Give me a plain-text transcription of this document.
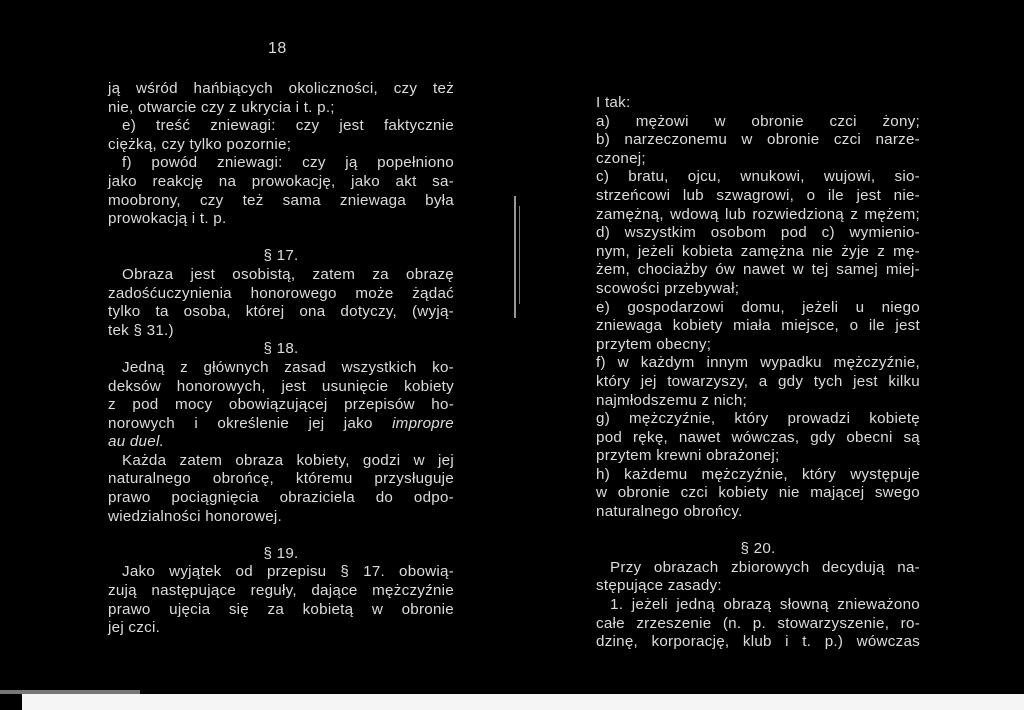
18
ją wśród hańbiących okoliczności, czy też
nie, otwarcie czy z ukrycia i t. p.;
e) treść zniewagi: czy jest faktycznie
ciężką, czy tylko pozornie;
f) powód zniewagi: czy ją popełniono
jako reakcję na prowokację, jako akt sa-
moobrony, czy też sama zniewaga była
prowokacją i t. p.
§ 17.
Obraza jest osobistą, zatem za obrazę
zadośćuczynienia honorowego może żądać
tylko ta osoba, której ona dotyczy, (wyją-
tek § 31.)
§ 18.
Jedną z głównych zasad wszystkich ko-
deksów honorowych, jest usunięcie kobiety
z pod mocy obowiązującej przepisów ho-
norowych i określenie jej jako impropre
au duel.
Każda zatem obraza kobiety, godzi w jej
naturalnego obrońcę, któremu przysługuje
prawo pociągnięcia obraziciela do odpo-
wiedzialności honorowej.
§ 19.
Jako wyjątek od przepisu § 17. obowią-
zują następujące reguły, dające mężczyźnie
prawo ujęcia się za kobietą w obronie
jej czci.
I tak:
a) mężowi w obronie czci żony;
b) narzeczonemu w obronie czci narze-
czonej;
c) bratu, ojcu, wnukowi, wujowi, sio-
strzeńcowi lub szwagrowi, o ile jest nie-
zamężną, wdową lub rozwiedzioną z mężem;
d) wszystkim osobom pod c) wymienio-
nym, jeżeli kobieta zamężna nie żyje z mę-
żem, chociażby ów nawet w tej samej miej-
scowości przebywał;
e) gospodarzowi domu, jeżeli u niego
zniewaga kobiety miała miejsce, o ile jest
przytem obecny;
f) w każdym innym wypadku mężczyźnie,
który jej towarzyszy, a gdy tych jest kilku
najmłodszemu z nich;
g) mężczyźnie, który prowadzi kobietę
pod rękę, nawet wówczas, gdy obecni są
przytem krewni obrażonej;
h) każdemu mężczyźnie, który występuje
w obronie czci kobiety nie mającej swego
naturalnego obrońcy.
§ 20.
Przy obrazach zbiorowych decydują na-
stępujące zasady:
1. jeżeli jedną obrazą słowną znieważono
całe zrzeszenie (n. p. stowarzyszenie, ro-
dzinę, korporację, klub i t. p.) wówczas
